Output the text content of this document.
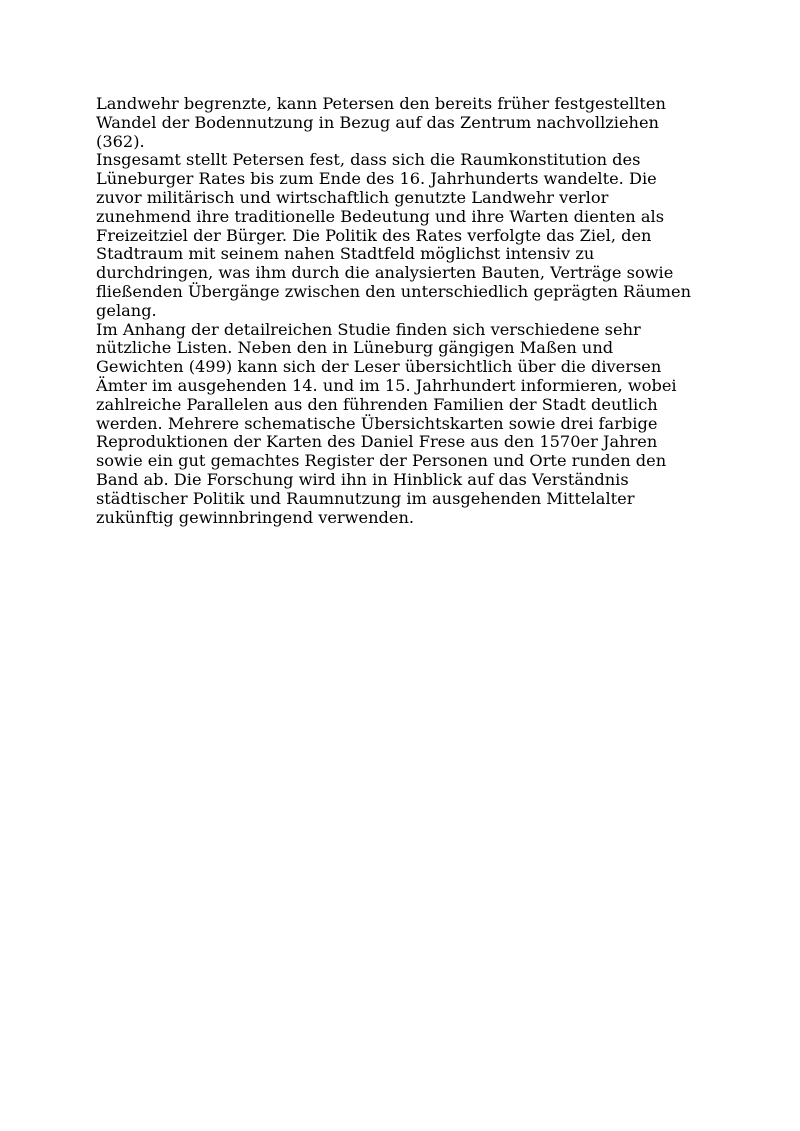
Landwehr begrenzte, kann Petersen den bereits früher festgestellten
Wandel der Bodennutzung in Bezug auf das Zentrum nachvollziehen
(362).
Insgesamt stellt Petersen fest, dass sich die Raumkonstitution des
Lüneburger Rates bis zum Ende des 16. Jahrhunderts wandelte. Die
zuvor militärisch und wirtschaftlich genutzte Landwehr verlor
zunehmend ihre traditionelle Bedeutung und ihre Warten dienten als
Freizeitziel der Bürger. Die Politik des Rates verfolgte das Ziel, den
Stadtraum mit seinem nahen Stadtfeld möglichst intensiv zu
durchdringen, was ihm durch die analysierten Bauten, Verträge sowie
fließenden Übergänge zwischen den unterschiedlich geprägten Räumen
gelang.
Im Anhang der detailreichen Studie finden sich verschiedene sehr
nützliche Listen. Neben den in Lüneburg gängigen Maßen und
Gewichten (499) kann sich der Leser übersichtlich über die diversen
Ämter im ausgehenden 14. und im 15. Jahrhundert informieren, wobei
zahlreiche Parallelen aus den führenden Familien der Stadt deutlich
werden. Mehrere schematische Übersichtskarten sowie drei farbige
Reproduktionen der Karten des Daniel Frese aus den 1570er Jahren
sowie ein gut gemachtes Register der Personen und Orte runden den
Band ab. Die Forschung wird ihn in Hinblick auf das Verständnis
städtischer Politik und Raumnutzung im ausgehenden Mittelalter
zukünftig gewinnbringend verwenden.
